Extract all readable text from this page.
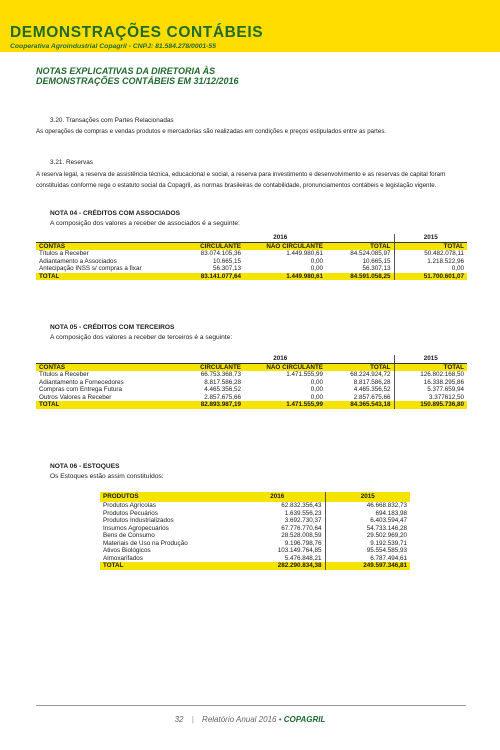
DEMONSTRAÇÕES CONTÁBEIS
Cooperativa Agroindustrial Copagril - CNPJ: 81.584.278/0001-55
NOTAS EXPLICATIVAS DA DIRETORIA ÀS
DEMONSTRAÇÕES CONTÁBEIS EM 31/12/2016
3.20. Transações com Partes Relacionadas
As operações de compras e vendas produtos e mercadorias são realizadas em condições e preços estipulados entre as partes.
3.21. Reservas
A reserva legal, a reserva de assistência técnica, educacional e social, a reserva para investimento e desenvolvimento e as reservas de capital foram constituídas conforme rege o estatuto social da Copagril, as normas brasileiras de contabilidade, pronunciamentos contábeis e legislação vigente.
NOTA 04 - CRÉDITOS COM ASSOCIADOS
A composição dos valores a receber de associados é a seguinte:
	2016			2015
CONTAS	CIRCULANTE	NÃO CIRCULANTE	TOTAL	TOTAL
Títulos a Receber	83.074.105,36	1.449.980,61	84.524.085,97	50.482.078,11
Adiantamento a Associados	10.665,15	0,00	10.665,15	1.218.522,96
Antecipação INSS s/ compras a fixar	56.307,13	0,00	56.307,13	0,00
TOTAL	83.141.077,64	1.449.980,61	84.591.058,25	51.700.601,07
NOTA 05 - CRÉDITOS COM TERCEIROS
A composição dos valores a receber de terceiros é a seguinte:
	2016			2015
CONTAS	CIRCULANTE	NÃO CIRCULANTE	TOTAL	TOTAL
Títulos a Receber	66.753.368,73	1.471.555,99	68.224.924,72	126.802.168,50
Adiantamento a Fornecedores	8.817.586,28	0,00	8.817.586,28	16.338.295,86
Compras com Entrega Futura	4.465.356,52	0,00	4.465.356,52	5.377.659,94
Outros Valores a Receber	2.857.675,66	0,00	2.857.675,66	3.377612,50
TOTAL	82.893.987,19	1.471.555,99	84.365.543,18	150.895.736,80
NOTA 06 - ESTOQUES
Os Estoques estão assim constituídos:
PRODUTOS	2016	2015
Produtos Agrícolas	62.832.356,43	46.668.832,73
Produtos Pecuários	1.639.556,23	694.183,98
Produtos Industrializados	3.692.730,37	6.403.594,47
Insumos Agropecuários	67.776.770,64	54.733.146,28
Bens de Consumo	28.528.008,59	29.502.969,20
Materiais de Uso na Produção	9.196.798,76	9.192.539,71
Ativos Biológicos	103.149.764,85	95.554.585,93
Almoxarifados	5.476.848,21	6.787.494,61
TOTAL	282.290.834,38	249.597.346,81
32 | Relatório Anual 2016 • COPAGRIL
